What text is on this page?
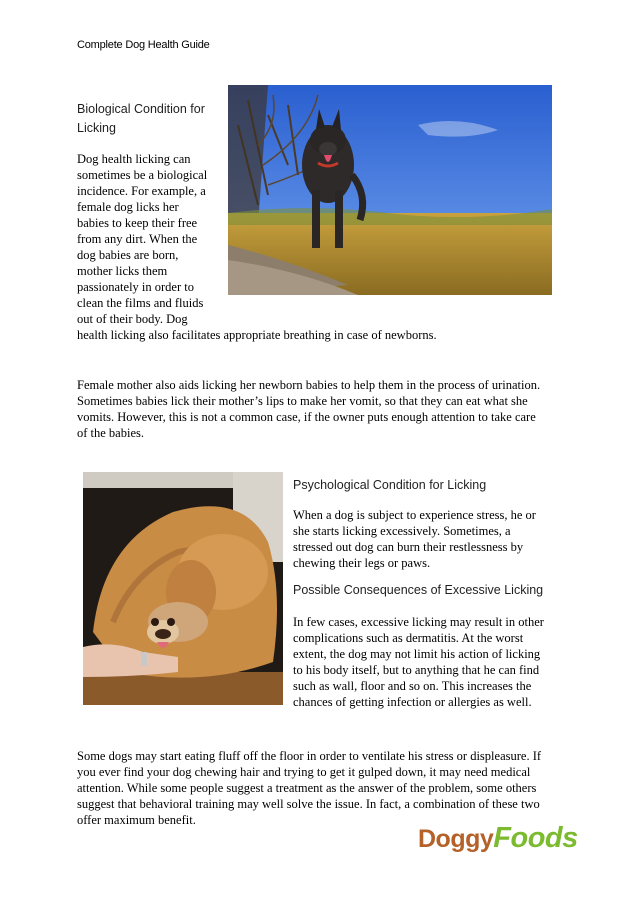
Complete Dog Health Guide
Biological Condition for
Licking
Dog health licking can
sometimes be a biological
incidence. For example, a
female dog licks her
babies to keep their free
from any dirt. When the
dog babies are born,
mother licks them
passionately in order to
clean the films and fluids
out of their body. Dog
health licking also facilitates appropriate breathing in case of newborns.
Female mother also aids licking her newborn babies to help them in the process of urination.
Sometimes babies lick their mother’s lips to make her vomit, so that they can eat what she
vomits. However, this is not a common case, if the owner puts enough attention to take care
of the babies.
Psychological Condition for Licking
When a dog is subject to experience stress, he or
she starts licking excessively. Sometimes, a
stressed out dog can burn their restlessness by
chewing their legs or paws.
Possible Consequences of Excessive Licking
In few cases, excessive licking may result in other
complications such as dermatitis. At the worst
extent, the dog may not limit his action of licking
to his body itself, but to anything that he can find
such as wall, floor and so on. This increases the
chances of getting infection or allergies as well.
Some dogs may start eating fluff off the floor in order to ventilate his stress or displeasure. If
you ever find your dog chewing hair and trying to get it gulped down, it may need medical
attention. While some people suggest a treatment as the answer of the problem, some others
suggest that behavioral training may well solve the issue. In fact, a combination of these two
offer maximum benefit.
DoggyFoods
